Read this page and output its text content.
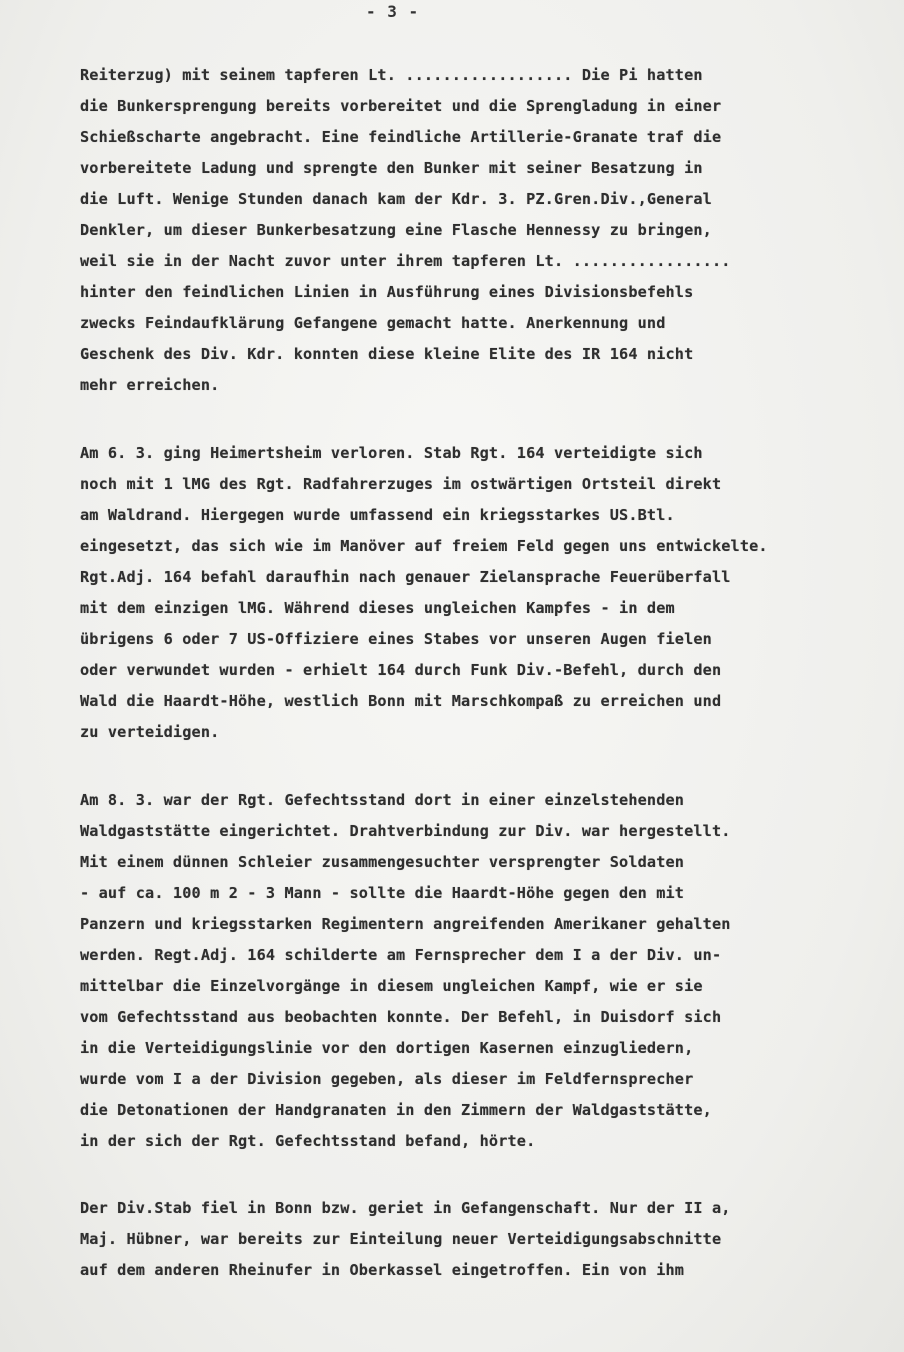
- 3 -
Reiterzug) mit seinem tapferen Lt. .................. Die Pi hatten
die Bunkersprengung bereits vorbereitet und die Sprengladung in einer
Schießscharte angebracht. Eine feindliche Artillerie-Granate traf die
vorbereitete Ladung und sprengte den Bunker mit seiner Besatzung in
die Luft. Wenige Stunden danach kam der Kdr. 3. PZ.Gren.Div.,General
Denkler, um dieser Bunkerbesatzung eine Flasche Hennessy zu bringen,
weil sie in der Nacht zuvor unter ihrem tapferen Lt. .................
hinter den feindlichen Linien in Ausführung eines Divisionsbefehls
zwecks Feindaufklärung Gefangene gemacht hatte. Anerkennung und
Geschenk des Div. Kdr. konnten diese kleine Elite des IR 164 nicht
mehr erreichen.
Am 6. 3. ging Heimertsheim verloren. Stab Rgt. 164 verteidigte sich
noch mit 1 lMG des Rgt. Radfahrerzuges im ostwärtigen Ortsteil direkt
am Waldrand. Hiergegen wurde umfassend ein kriegsstarkes US.Btl.
eingesetzt, das sich wie im Manöver auf freiem Feld gegen uns entwickelte.
Rgt.Adj. 164 befahl daraufhin nach genauer Zielansprache Feuerüberfall
mit dem einzigen lMG. Während dieses ungleichen Kampfes - in dem
übrigens 6 oder 7 US-Offiziere eines Stabes vor unseren Augen fielen
oder verwundet wurden - erhielt 164 durch Funk Div.-Befehl, durch den
Wald die Haardt-Höhe, westlich Bonn mit Marschkompaß zu erreichen und
zu verteidigen.
Am 8. 3. war der Rgt. Gefechtsstand dort in einer einzelstehenden
Waldgaststätte eingerichtet. Drahtverbindung zur Div. war hergestellt.
Mit einem dünnen Schleier zusammengesuchter versprengter Soldaten
- auf ca. 100 m 2 - 3 Mann - sollte die Haardt-Höhe gegen den mit
Panzern und kriegsstarken Regimentern angreifenden Amerikaner gehalten
werden. Regt.Adj. 164 schilderte am Fernsprecher dem I a der Div. un-
mittelbar die Einzelvorgänge in diesem ungleichen Kampf, wie er sie
vom Gefechtsstand aus beobachten konnte. Der Befehl, in Duisdorf sich
in die Verteidigungslinie vor den dortigen Kasernen einzugliedern,
wurde vom I a der Division gegeben, als dieser im Feldfernsprecher
die Detonationen der Handgranaten in den Zimmern der Waldgaststätte,
in der sich der Rgt. Gefechtsstand befand, hörte.
Der Div.Stab fiel in Bonn bzw. geriet in Gefangenschaft. Nur der II a,
Maj. Hübner, war bereits zur Einteilung neuer Verteidigungsabschnitte
auf dem anderen Rheinufer in Oberkassel eingetroffen. Ein von ihm
